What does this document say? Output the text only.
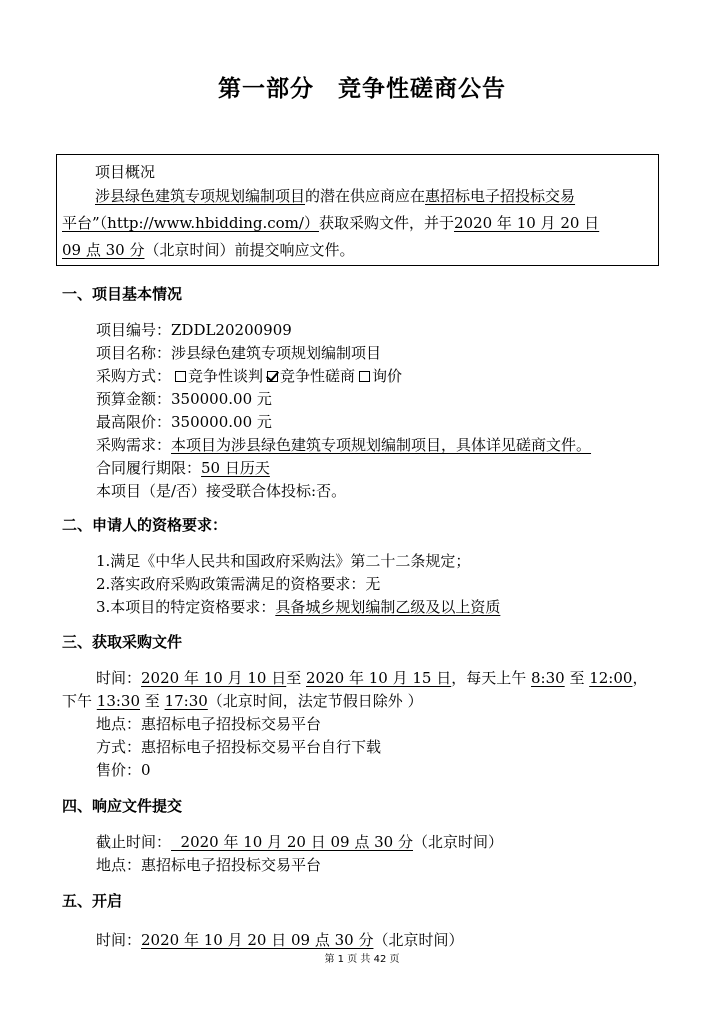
第一部分　竞争性磋商公告
项目概况
涉县绿色建筑专项规划编制项目的潜在供应商应在惠招标电子招投标交易
平台”（http://www.hbidding.com/）获取采购文件，并于2020 年 10 月 20 日
09 点 30 分（北京时间）前提交响应文件。
一、项目基本情况
项目编号：ZDDL20200909
项目名称：涉县绿色建筑专项规划编制项目
采购方式： 竞争性谈判 竞争性磋商 询价
预算金额：350000.00 元
最高限价：350000.00 元
采购需求：本项目为涉县绿色建筑专项规划编制项目，具体详见磋商文件。
合同履行期限：50 日历天
本项目（是/否）接受联合体投标:否。
二、申请人的资格要求：
1.满足《中华人民共和国政府采购法》第二十二条规定；
2.落实政府采购政策需满足的资格要求：无
3.本项目的特定资格要求：具备城乡规划编制乙级及以上资质
三、获取采购文件
时间：2020 年 10 月 10 日至 2020 年 10 月 15 日，每天上午 8:30 至 12:00，
下午 13:30 至 17:30（北京时间，法定节假日除外 ）
地点：惠招标电子招投标交易平台
方式：惠招标电子招投标交易平台自行下载
售价：0
四、响应文件提交
截止时间：  2020 年 10 月 20 日 09 点 30 分（北京时间）
地点：惠招标电子招投标交易平台
五、开启
时间：2020 年 10 月 20 日 09 点 30 分（北京时间）
第 1 页 共 42 页
